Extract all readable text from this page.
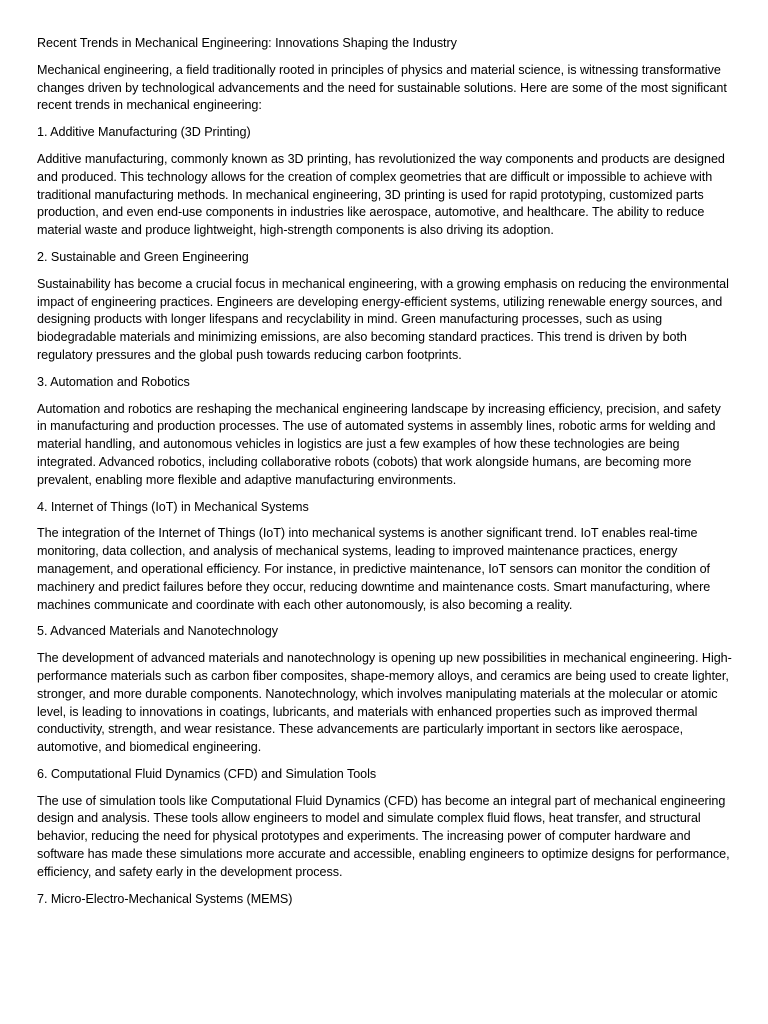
Recent Trends in Mechanical Engineering: Innovations Shaping the Industry

Mechanical engineering, a field traditionally rooted in principles of physics and material science, is witnessing transformative changes driven by technological advancements and the need for sustainable solutions. Here are some of the most significant recent trends in mechanical engineering:

1. Additive Manufacturing (3D Printing)

Additive manufacturing, commonly known as 3D printing, has revolutionized the way components and products are designed and produced. This technology allows for the creation of complex geometries that are difficult or impossible to achieve with traditional manufacturing methods. In mechanical engineering, 3D printing is used for rapid prototyping, customized parts production, and even end-use components in industries like aerospace, automotive, and healthcare. The ability to reduce material waste and produce lightweight, high-strength components is also driving its adoption.

2. Sustainable and Green Engineering

Sustainability has become a crucial focus in mechanical engineering, with a growing emphasis on reducing the environmental impact of engineering practices. Engineers are developing energy-efficient systems, utilizing renewable energy sources, and designing products with longer lifespans and recyclability in mind. Green manufacturing processes, such as using biodegradable materials and minimizing emissions, are also becoming standard practices. This trend is driven by both regulatory pressures and the global push towards reducing carbon footprints.

3. Automation and Robotics

Automation and robotics are reshaping the mechanical engineering landscape by increasing efficiency, precision, and safety in manufacturing and production processes. The use of automated systems in assembly lines, robotic arms for welding and material handling, and autonomous vehicles in logistics are just a few examples of how these technologies are being integrated. Advanced robotics, including collaborative robots (cobots) that work alongside humans, are becoming more prevalent, enabling more flexible and adaptive manufacturing environments.

4. Internet of Things (IoT) in Mechanical Systems

The integration of the Internet of Things (IoT) into mechanical systems is another significant trend. IoT enables real-time monitoring, data collection, and analysis of mechanical systems, leading to improved maintenance practices, energy management, and operational efficiency. For instance, in predictive maintenance, IoT sensors can monitor the condition of machinery and predict failures before they occur, reducing downtime and maintenance costs. Smart manufacturing, where machines communicate and coordinate with each other autonomously, is also becoming a reality.

5. Advanced Materials and Nanotechnology

The development of advanced materials and nanotechnology is opening up new possibilities in mechanical engineering. High-performance materials such as carbon fiber composites, shape-memory alloys, and ceramics are being used to create lighter, stronger, and more durable components. Nanotechnology, which involves manipulating materials at the molecular or atomic level, is leading to innovations in coatings, lubricants, and materials with enhanced properties such as improved thermal conductivity, strength, and wear resistance. These advancements are particularly important in sectors like aerospace, automotive, and biomedical engineering.

6. Computational Fluid Dynamics (CFD) and Simulation Tools

The use of simulation tools like Computational Fluid Dynamics (CFD) has become an integral part of mechanical engineering design and analysis. These tools allow engineers to model and simulate complex fluid flows, heat transfer, and structural behavior, reducing the need for physical prototypes and experiments. The increasing power of computer hardware and software has made these simulations more accurate and accessible, enabling engineers to optimize designs for performance, efficiency, and safety early in the development process.

7. Micro-Electro-Mechanical Systems (MEMS)
